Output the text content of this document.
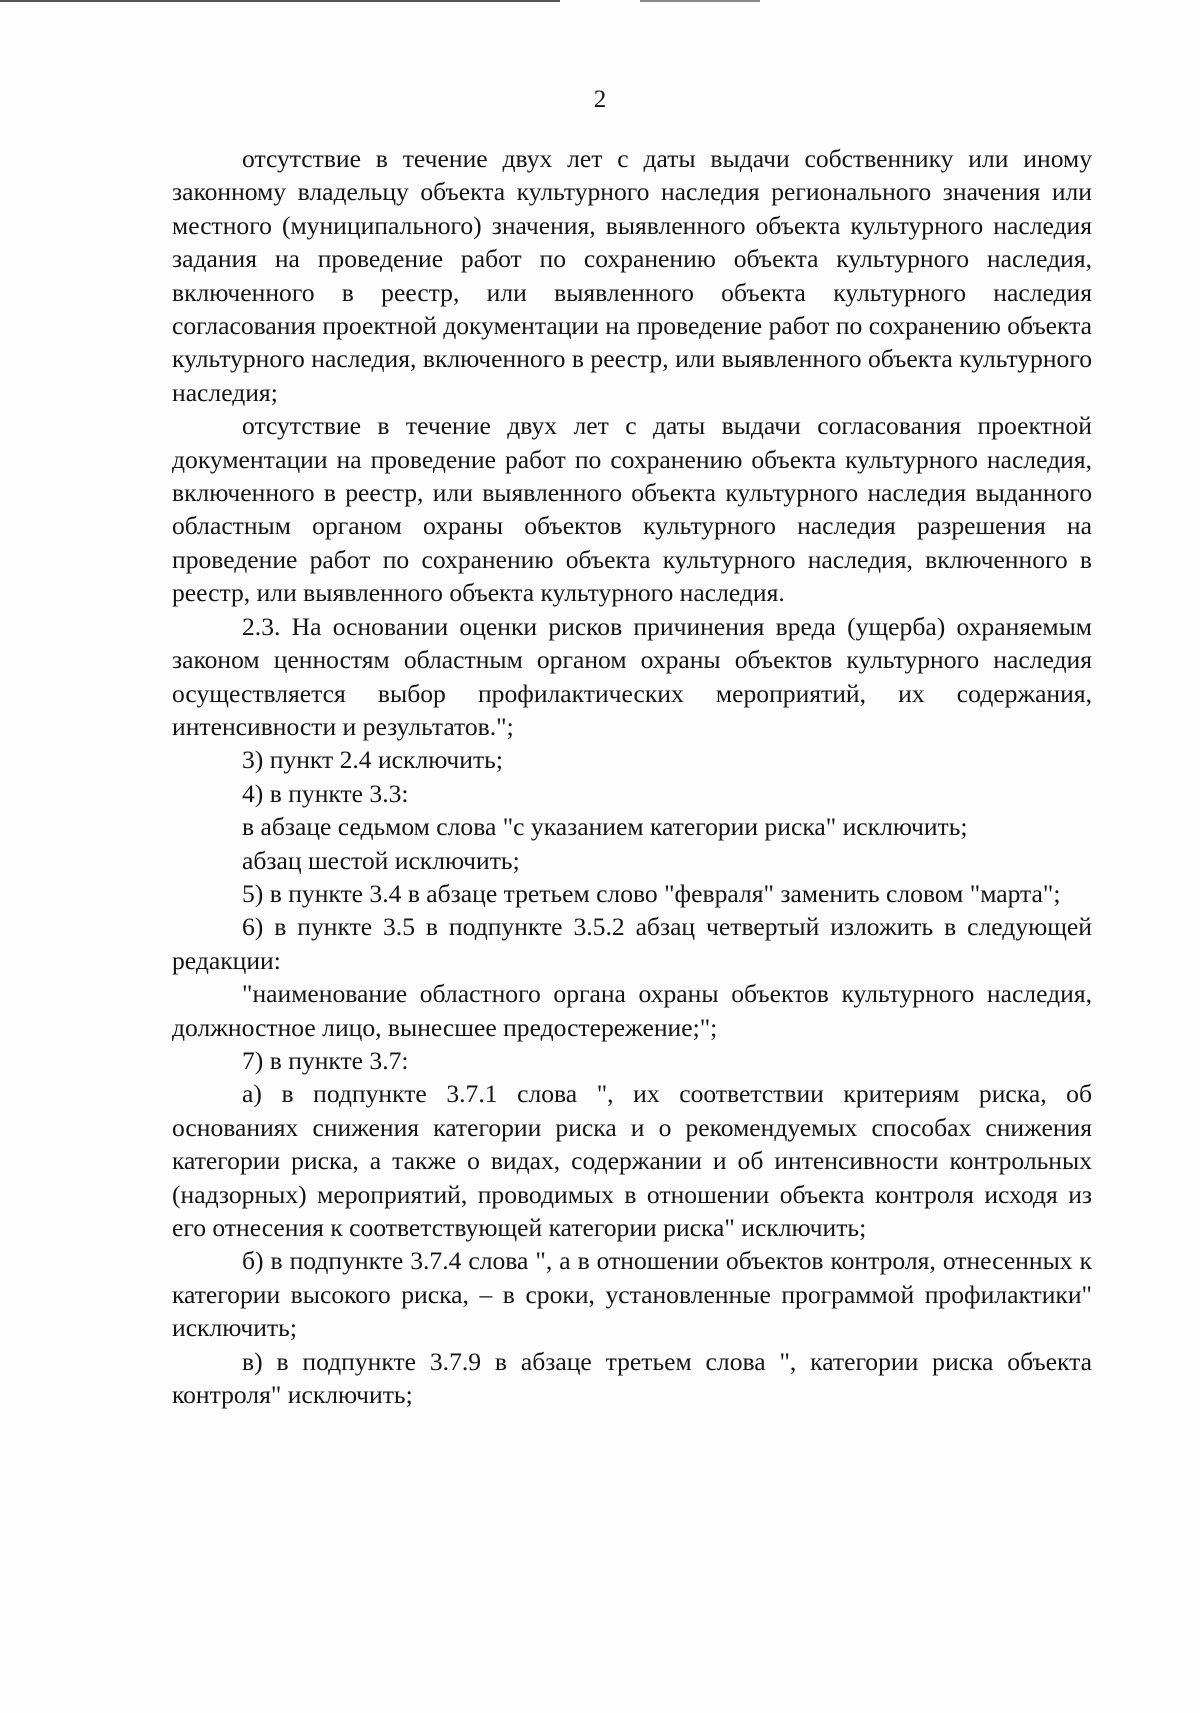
2

отсутствие в течение двух лет с даты выдачи собственнику или иному законному владельцу объекта культурного наследия регионального значения или местного (муниципального) значения, выявленного объекта культурного наследия задания на проведение работ по сохранению объекта культурного наследия, включенного в реестр, или выявленного объекта культурного наследия согласования проектной документации на проведение работ по сохранению объекта культурного наследия, включенного в реестр, или выявленного объекта культурного наследия;

отсутствие в течение двух лет с даты выдачи согласования проектной документации на проведение работ по сохранению объекта культурного наследия, включенного в реестр, или выявленного объекта культурного наследия выданного областным органом охраны объектов культурного наследия разрешения на проведение работ по сохранению объекта культурного наследия, включенного в реестр, или выявленного объекта культурного наследия.

2.3. На основании оценки рисков причинения вреда (ущерба) охраняемым законом ценностям областным органом охраны объектов культурного наследия осуществляется выбор профилактических мероприятий, их содержания, интенсивности и результатов.";

3) пункт 2.4 исключить;

4) в пункте 3.3:

в абзаце седьмом слова "с указанием категории риска" исключить;

абзац шестой исключить;

5) в пункте 3.4 в абзаце третьем слово "февраля" заменить словом "марта";

6) в пункте 3.5 в подпункте 3.5.2 абзац четвертый изложить в следующей редакции:

"наименование областного органа охраны объектов культурного наследия, должностное лицо, вынесшее предостережение;";

7) в пункте 3.7:

а) в подпункте 3.7.1 слова ", их соответствии критериям риска, об основаниях снижения категории риска и о рекомендуемых способах снижения категории риска, а также о видах, содержании и об интенсивности контрольных (надзорных) мероприятий, проводимых в отношении объекта контроля исходя из его отнесения к соответствующей категории риска" исключить;

б) в подпункте 3.7.4 слова ", а в отношении объектов контроля, отнесенных к категории высокого риска, – в сроки, установленные программой профилактики" исключить;

в) в подпункте 3.7.9 в абзаце третьем слова ", категории риска объекта контроля" исключить;
